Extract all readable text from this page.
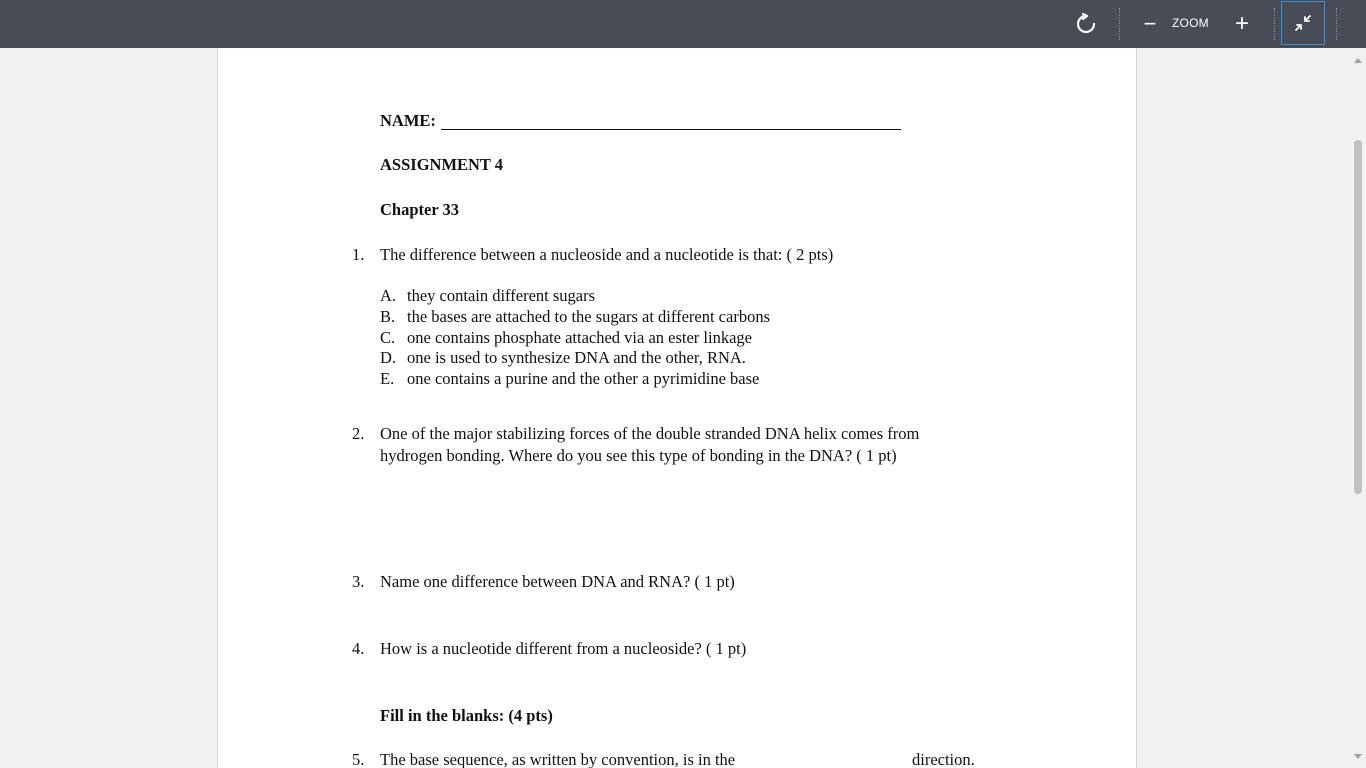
− ZOOM +
NAME:
ASSIGNMENT 4
Chapter 33
1. The difference between a nucleoside and a nucleotide is that: ( 2 pts)
A. they contain different sugars
B. the bases are attached to the sugars at different carbons
C. one contains phosphate attached via an ester linkage
D. one is used to synthesize DNA and the other, RNA.
E. one contains a purine and the other a pyrimidine base
2. One of the major stabilizing forces of the double stranded DNA helix comes from
hydrogen bonding. Where do you see this type of bonding in the DNA? ( 1 pt)
3. Name one difference between DNA and RNA? ( 1 pt)
4. How is a nucleotide different from a nucleoside? ( 1 pt)
Fill in the blanks: (4 pts)
5. The base sequence, as written by convention, is in the	direction.
